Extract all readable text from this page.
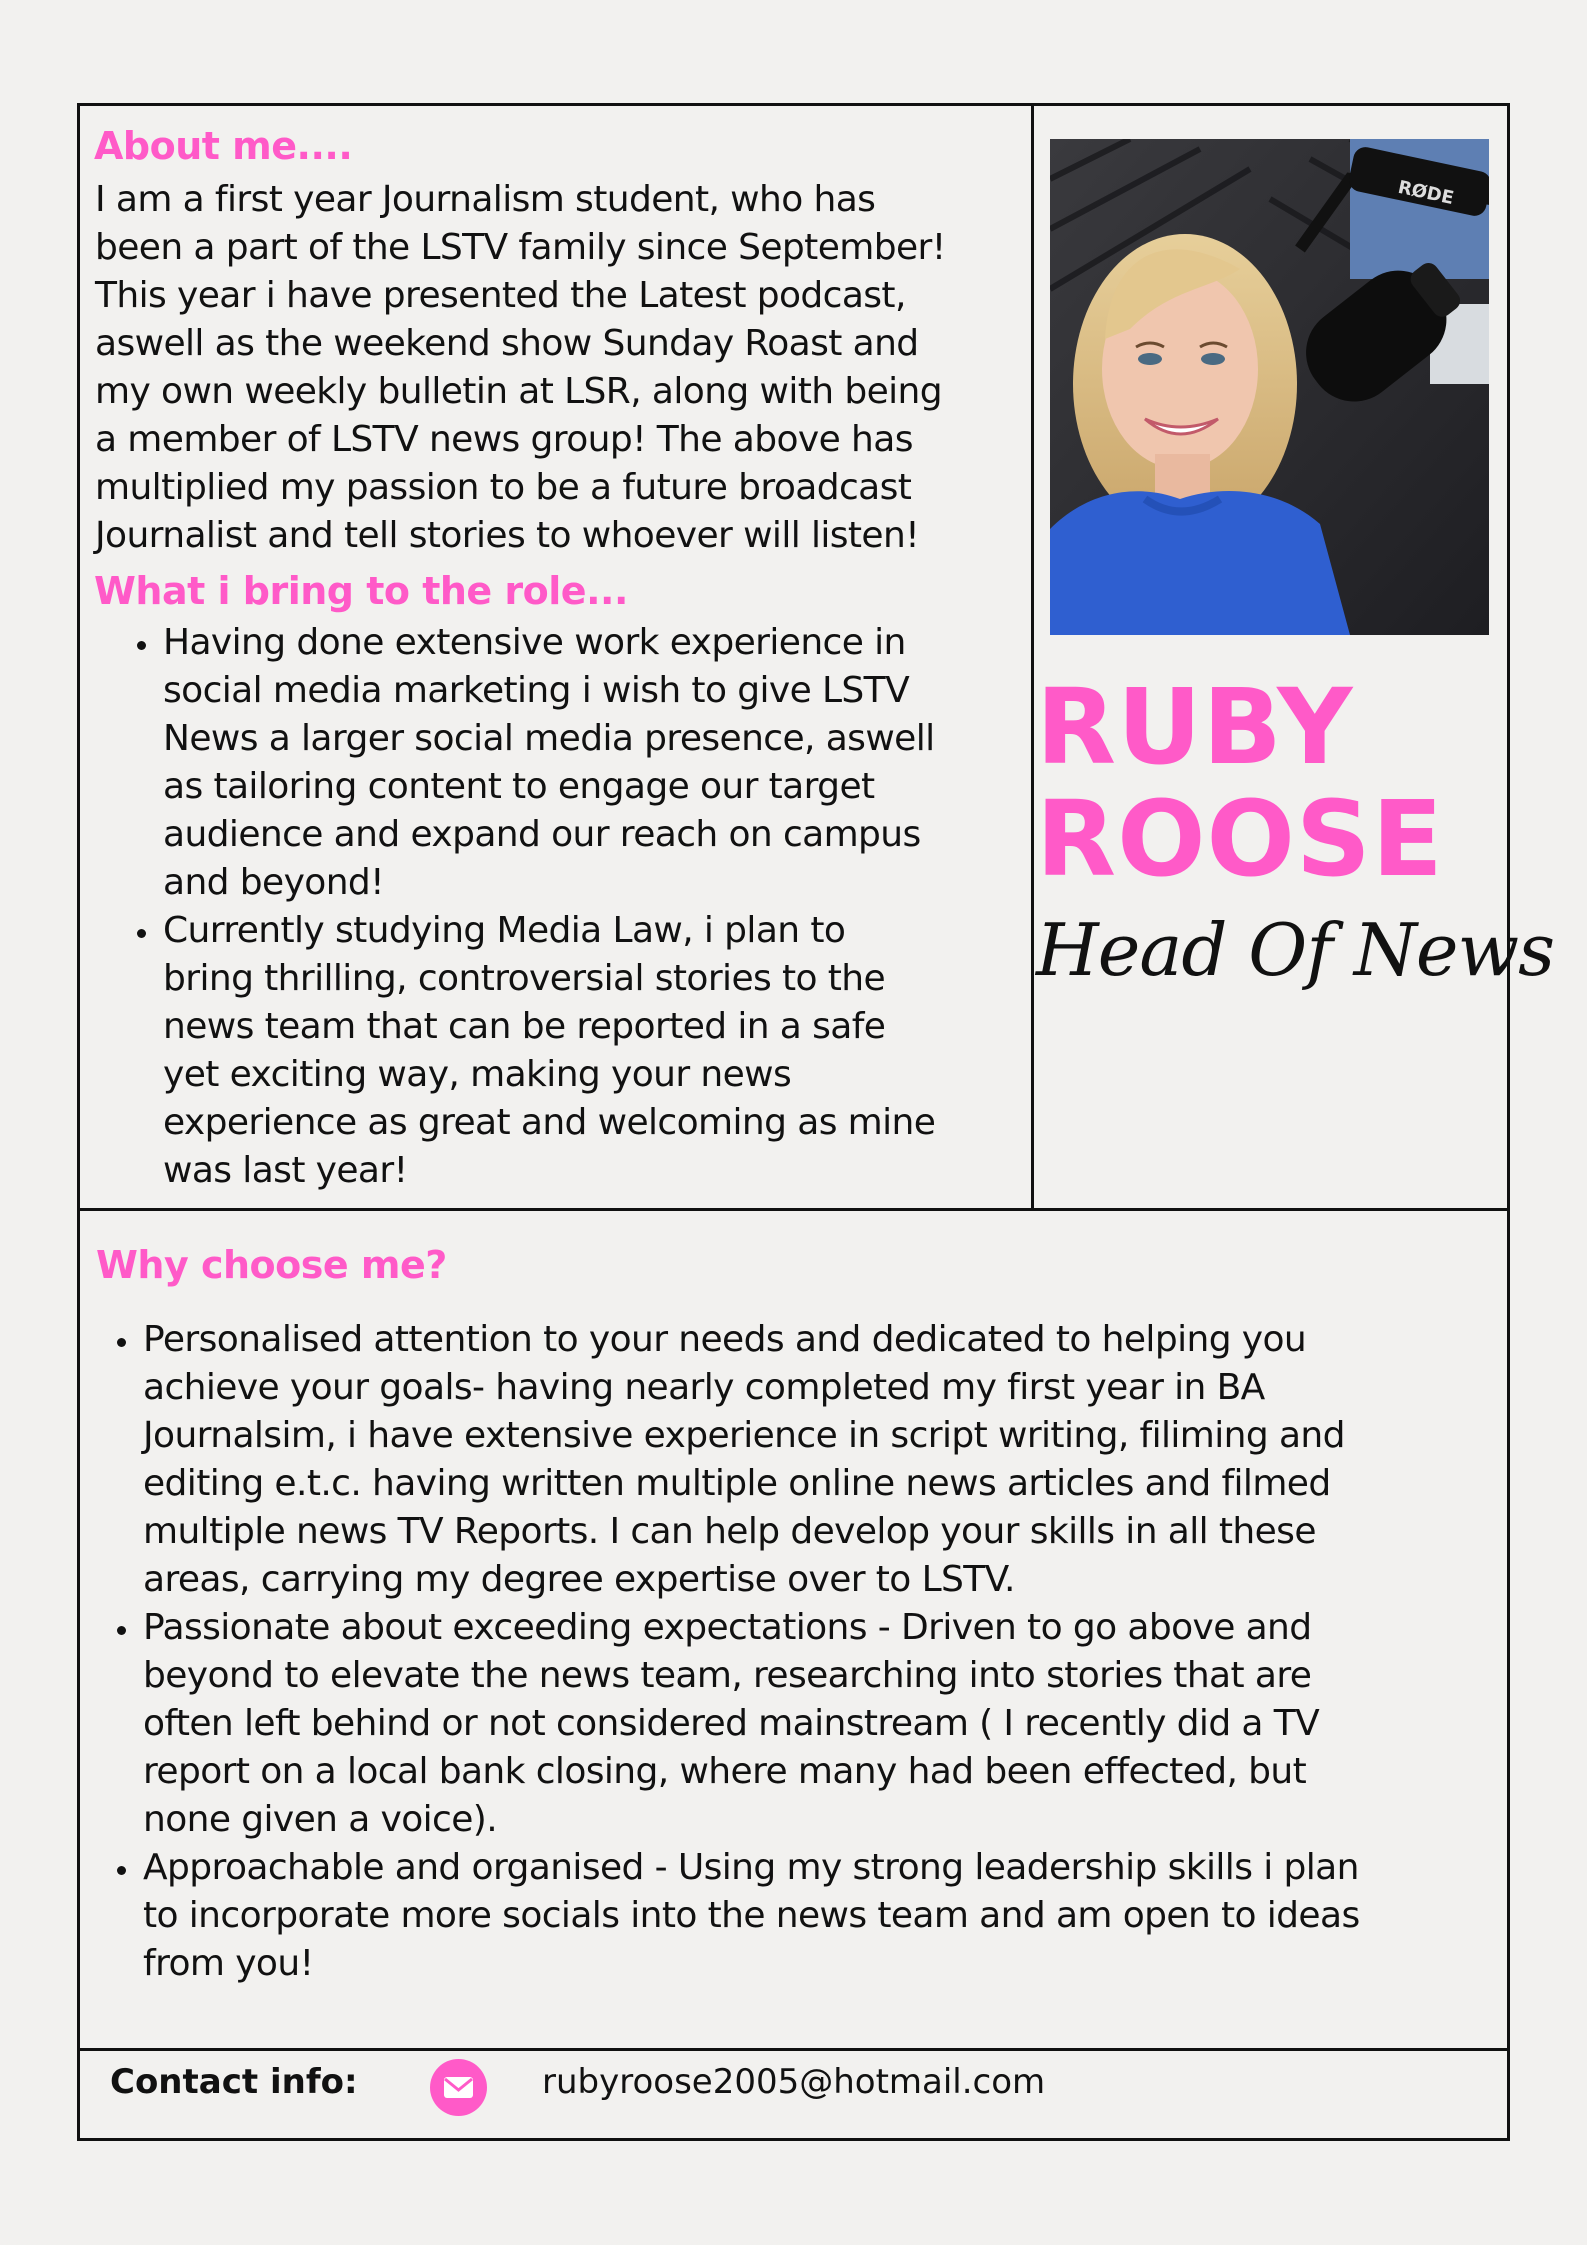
About me....

I am a first year Journalism student, who has
been a part of the LSTV family since September!
This year i have presented the Latest podcast,
aswell as the weekend show Sunday Roast and
my own weekly bulletin at LSR, along with being
a member of LSTV news group! The above has
multiplied my passion to be a future broadcast
Journalist and tell stories to whoever will listen!

What i bring to the role...
Having done extensive work experience in
social media marketing i wish to give LSTV
News a larger social media presence, aswell
as tailoring content to engage our target
audience and expand our reach on campus
and beyond!
Currently studying Media Law, i plan to
bring thrilling, controversial stories to the
news team that can be reported in a safe
yet exciting way, making your news
experience as great and welcoming as mine
was last year!
RØDE
RUBY
ROOSE

Head Of News

Why choose me?
Personalised attention to your needs and dedicated to helping you
achieve your goals- having nearly completed my first year in BA
Journalsim, i have extensive experience in script writing, filiming and
editing e.t.c. having written multiple online news articles and filmed
multiple news TV Reports. I can help develop your skills in all these
areas, carrying my degree expertise over to LSTV.
Passionate about exceeding expectations - Driven to go above and
beyond to elevate the news team, researching into stories that are
often left behind or not considered mainstream ( I recently did a TV
report on a local bank closing, where many had been effected, but
none given a voice).
Approachable and organised - Using my strong leadership skills i plan
to incorporate more socials into the news team and am open to ideas
from you!

Contact info:	rubyroose2005@hotmail.com
